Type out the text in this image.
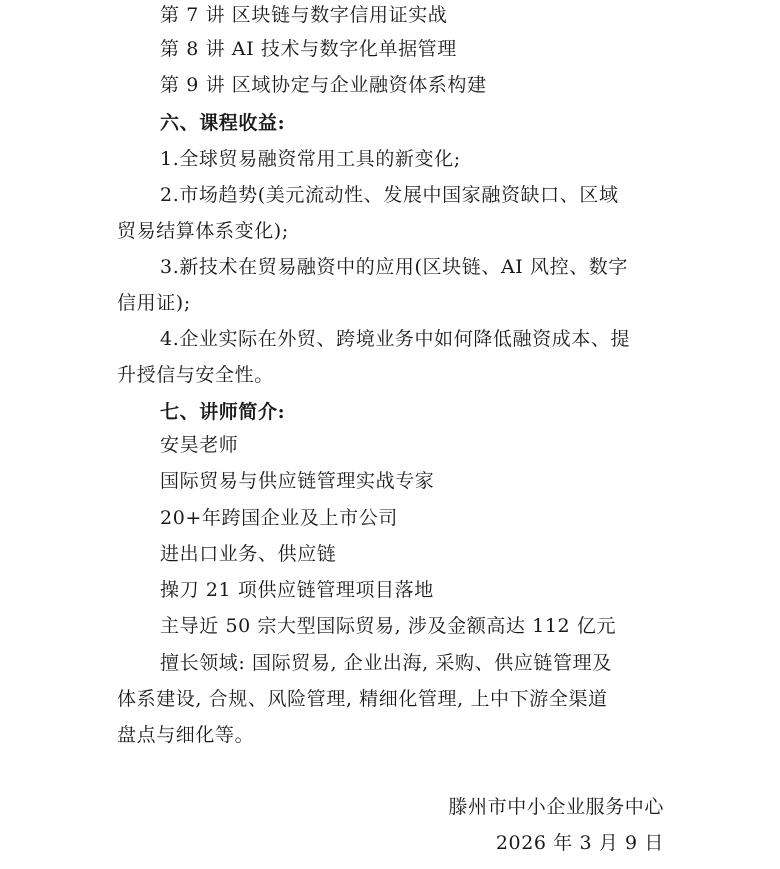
第 7 讲 区块链与数字信用证实战
第 8 讲 AI 技术与数字化单据管理
第 9 讲 区域协定与企业融资体系构建
六、课程收益:
1.全球贸易融资常用工具的新变化;
2.市场趋势(美元流动性、发展中国家融资缺口、区域
贸易结算体系变化);
3.新技术在贸易融资中的应用(区块链、AI 风控、数字
信用证);
4.企业实际在外贸、跨境业务中如何降低融资成本、提
升授信与安全性。
七、讲师简介:
安昊老师
国际贸易与供应链管理实战专家
20+年跨国企业及上市公司
进出口业务、供应链
操刀 21 项供应链管理项目落地
主导近 50 宗大型国际贸易, 涉及金额高达 112 亿元
擅长领域: 国际贸易, 企业出海, 采购、供应链管理及
体系建设, 合规、风险管理, 精细化管理, 上中下游全渠道
盘点与细化等。
滕州市中小企业服务中心
2026 年 3 月 9 日
